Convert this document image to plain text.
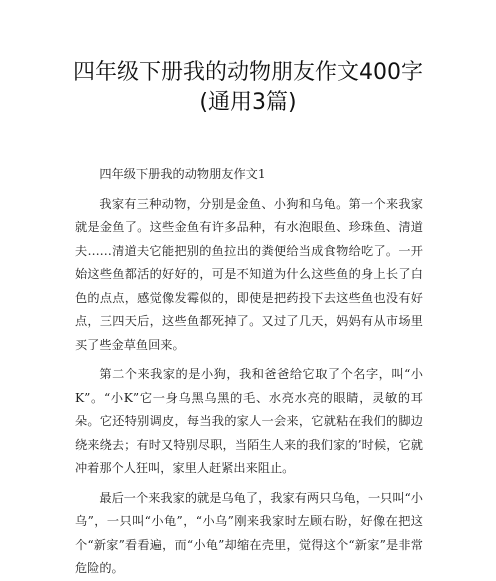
四年级下册我的动物朋友作文400字(通用3篇)

四年级下册我的动物朋友作文1

我家有三种动物，分别是金鱼、小狗和乌龟。第一个来我家就是金鱼了。这些金鱼有许多品种，有水泡眼鱼、珍珠鱼、清道夫……清道夫它能把别的鱼拉出的粪便给当成食物给吃了。一开始这些鱼都活的好好的，可是不知道为什么这些鱼的身上长了白色的点点，感觉像发霉似的，即使是把药投下去这些鱼也没有好点，三四天后，这些鱼都死掉了。又过了几天，妈妈有从市场里买了些金草鱼回来。

第二个来我家的是小狗，我和爸爸给它取了个名字，叫“小K”。“小K”它一身乌黑乌黑的毛、水亮水亮的眼睛，灵敏的耳朵。它还特别调皮，每当我的家人一会来，它就粘在我们的脚边绕来绕去；有时又特别尽职，当陌生人来的我们家的’时候，它就冲着那个人狂叫，家里人赶紧出来阻止。

最后一个来我家的就是乌龟了，我家有两只乌龟，一只叫“小乌”，一只叫“小龟”，“小乌”刚来我家时左顾右盼，好像在把这个“新家”看看遍，而“小龟”却缩在壳里，觉得这个“新家”是非常危险的。
